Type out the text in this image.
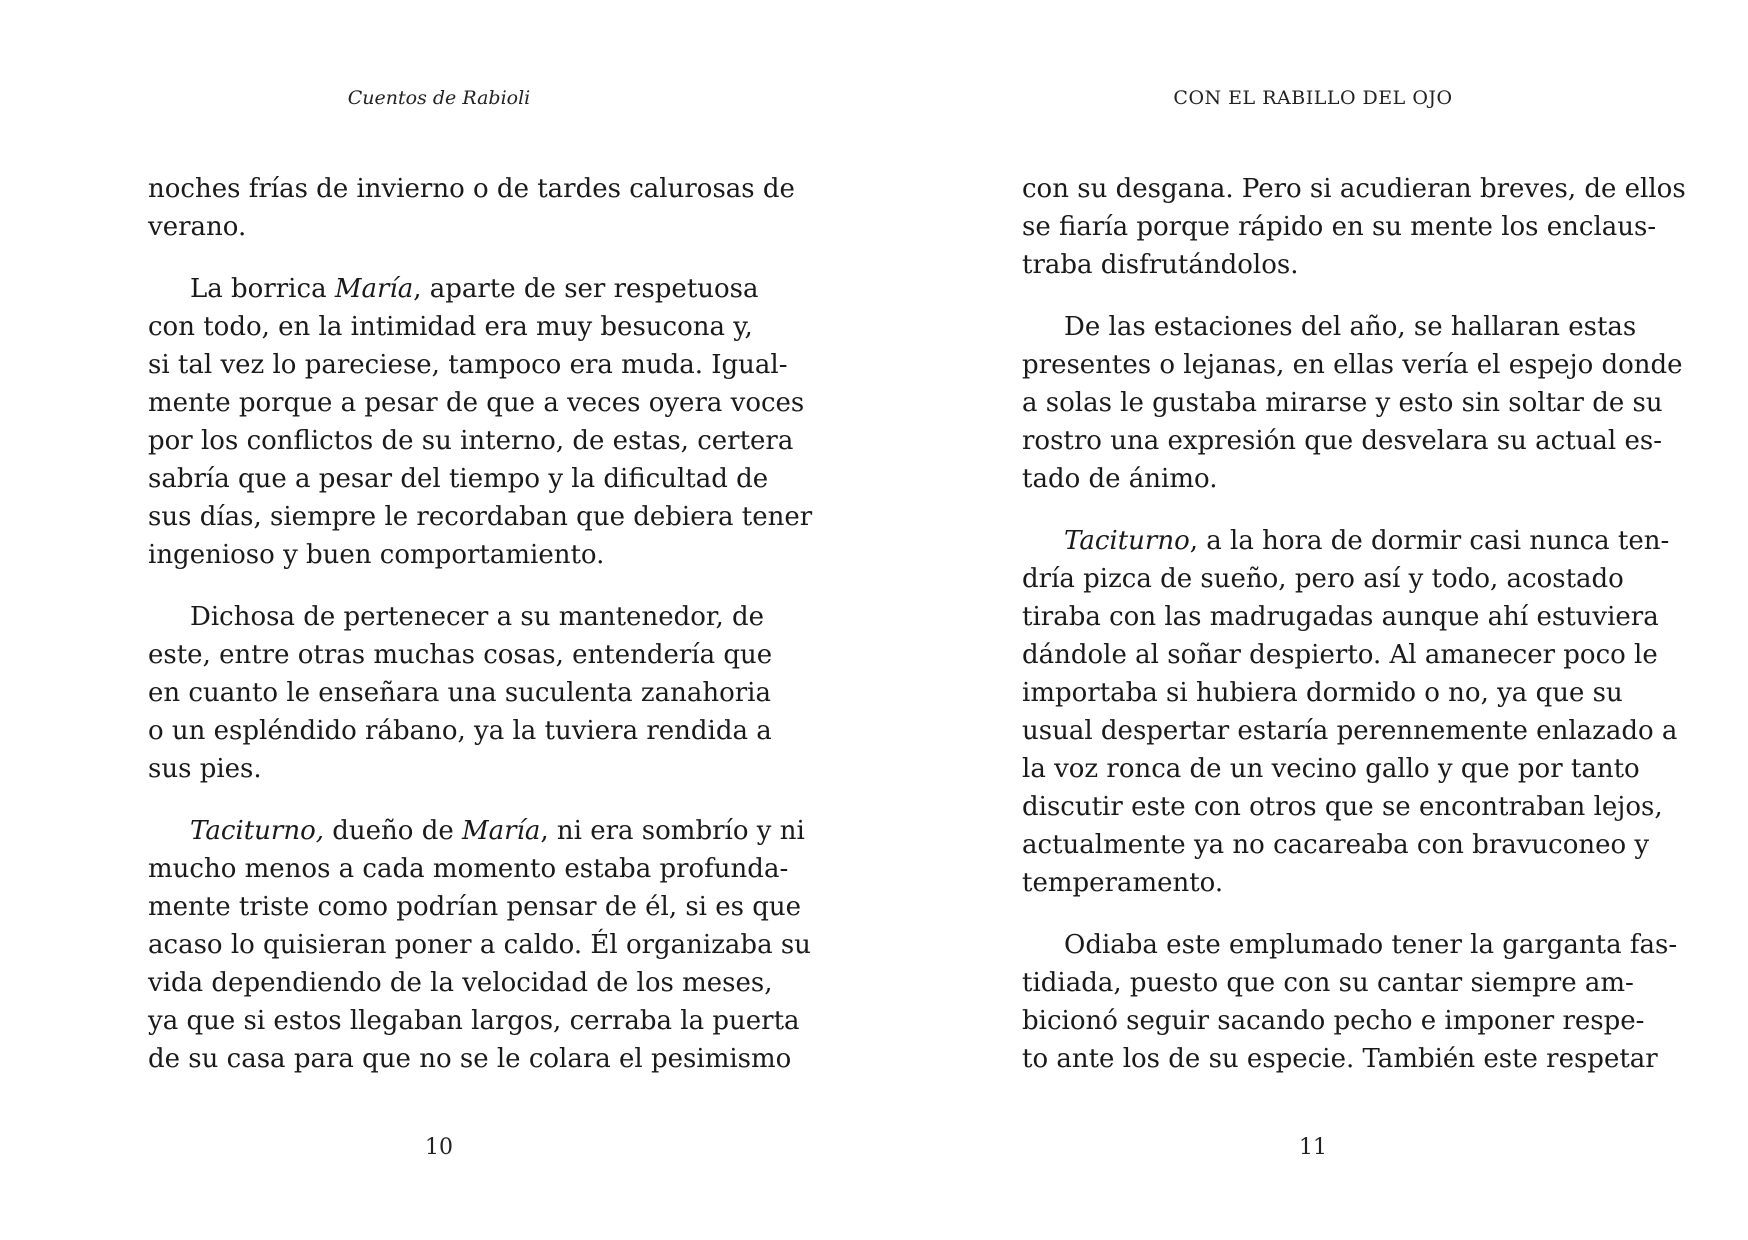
Cuentos de Rabioli

noches frías de invierno o de tardes calurosas de
verano.

La borrica María, aparte de ser respetuosa
con todo, en la intimidad era muy besucona y,
si tal vez lo pareciese, tampoco era muda. Igual-
mente porque a pesar de que a veces oyera voces
por los conflictos de su interno, de estas, certera
sabría que a pesar del tiempo y la dificultad de
sus días, siempre le recordaban que debiera tener
ingenioso y buen comportamiento.

Dichosa de pertenecer a su mantenedor, de
este, entre otras muchas cosas, entendería que
en cuanto le enseñara una suculenta zanahoria
o un espléndido rábano, ya la tuviera rendida a
sus pies.

Taciturno, dueño de María, ni era sombrío y ni
mucho menos a cada momento estaba profunda-
mente triste como podrían pensar de él, si es que
acaso lo quisieran poner a caldo. Él organizaba su
vida dependiendo de la velocidad de los meses,
ya que si estos llegaban largos, cerraba la puerta
de su casa para que no se le colara el pesimismo

10
CON EL RABILLO DEL OJO

con su desgana. Pero si acudieran breves, de ellos
se fiaría porque rápido en su mente los enclaus-
traba disfrutándolos.

De las estaciones del año, se hallaran estas
presentes o lejanas, en ellas vería el espejo donde
a solas le gustaba mirarse y esto sin soltar de su
rostro una expresión que desvelara su actual es-
tado de ánimo.

Taciturno, a la hora de dormir casi nunca ten-
dría pizca de sueño, pero así y todo, acostado
tiraba con las madrugadas aunque ahí estuviera
dándole al soñar despierto. Al amanecer poco le
importaba si hubiera dormido o no, ya que su
usual despertar estaría perennemente enlazado a
la voz ronca de un vecino gallo y que por tanto
discutir este con otros que se encontraban lejos,
actualmente ya no cacareaba con bravuconeo y
temperamento.

Odiaba este emplumado tener la garganta fas-
tidiada, puesto que con su cantar siempre am-
bicionó seguir sacando pecho e imponer respe-
to ante los de su especie. También este respetar

11
